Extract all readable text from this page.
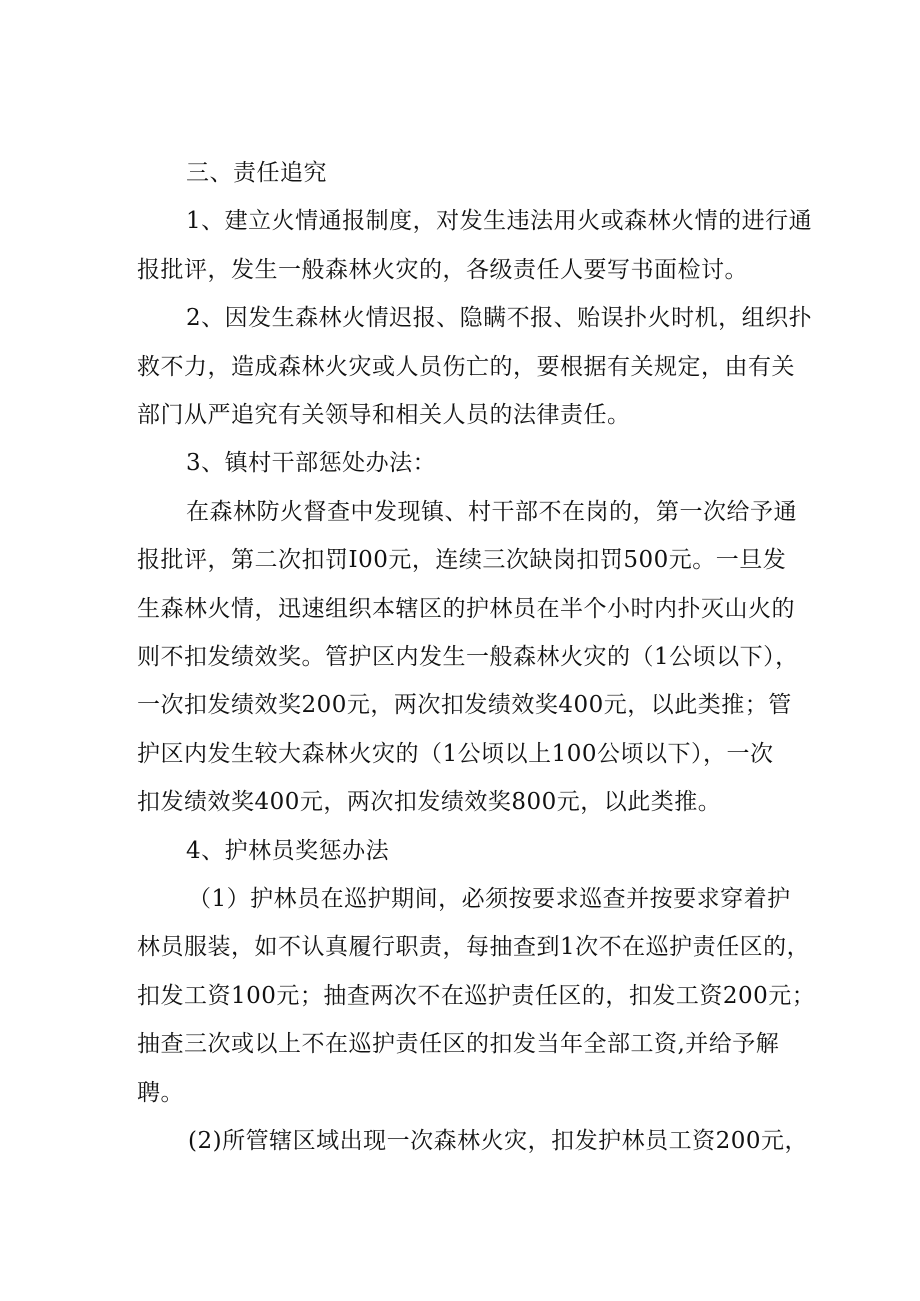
三、责任追究
1、建立火情通报制度，对发生违法用火或森林火情的进行通
报批评，发生一般森林火灾的，各级责任人要写书面检讨。
2、因发生森林火情迟报、隐瞒不报、贻误扑火时机，组织扑
救不力，造成森林火灾或人员伤亡的，要根据有关规定，由有关
部门从严追究有关领导和相关人员的法律责任。
3、镇村干部惩处办法：
在森林防火督查中发现镇、村干部不在岗的，第一次给予通
报批评，第二次扣罚I00元，连续三次缺岗扣罚500元。一旦发
生森林火情，迅速组织本辖区的护林员在半个小时内扑灭山火的
则不扣发绩效奖。管护区内发生一般森林火灾的（1公顷以下），
一次扣发绩效奖200元，两次扣发绩效奖400元，以此类推；管
护区内发生较大森林火灾的（1公顷以上100公顷以下），一次
扣发绩效奖400元，两次扣发绩效奖800元，以此类推。
4、护林员奖惩办法
（1）护林员在巡护期间，必须按要求巡查并按要求穿着护
林员服装，如不认真履行职责，每抽查到1次不在巡护责任区的，
扣发工资100元；抽查两次不在巡护责任区的，扣发工资200元；
抽查三次或以上不在巡护责任区的扣发当年全部工资,并给予解
聘。
(2)所管辖区域出现一次森林火灾，扣发护林员工资200元，
